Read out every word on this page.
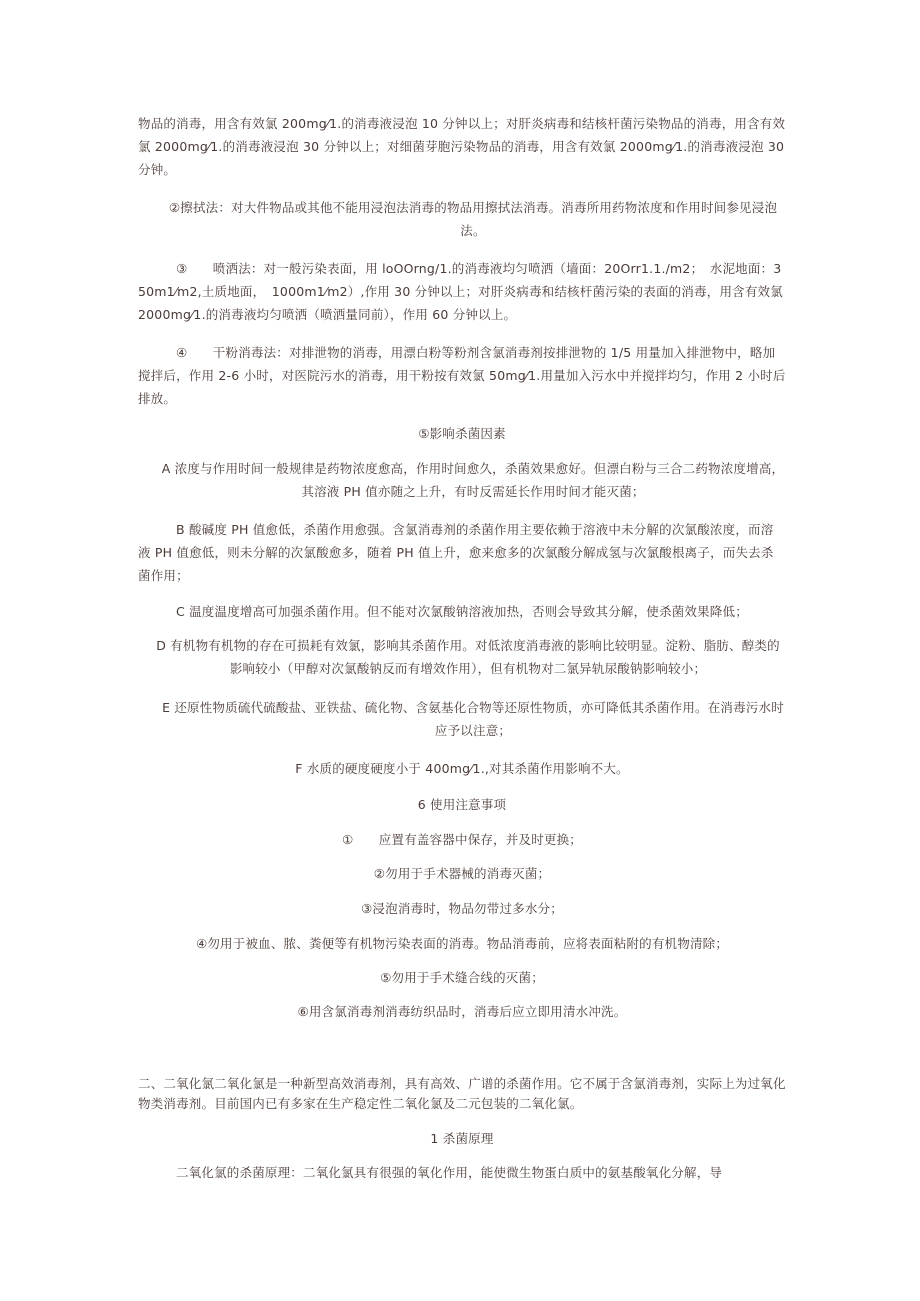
物品的消毒，用含有效氯 200mg⁄1.的消毒液浸泡 10 分钟以上；对肝炎病毒和结核杆菌污染物品的消毒，用含有效氯 2000mg⁄1.的消毒液浸泡 30 分钟以上；对细菌芽胞污染物品的消毒，用含有效氯 2000mg⁄1.的消毒液浸泡 30 分钟。

②擦拭法：对大件物品或其他不能用浸泡法消毒的物品用擦拭法消毒。消毒所用药物浓度和作用时间参见浸泡法。

③　　喷洒法：对一般污染表面，用 loOOrng/1.的消毒液均匀喷洒（墙面：20Orr1.1./m2；　水泥地面：350m1⁄m2,土质地面，　1000m1⁄m2）,作用 30 分钟以上；对肝炎病毒和结核杆菌污染的表面的消毒，用含有效氯 2000mg⁄1.的消毒液均匀喷洒（喷洒量同前），作用 60 分钟以上。

④　　干粉消毒法：对排泄物的消毒，用漂白粉等粉剂含氯消毒剂按排泄物的 1/5 用量加入排泄物中，略加搅拌后，作用 2-6 小时，对医院污水的消毒，用干粉按有效氯 50mg⁄1.用量加入污水中并搅拌均匀，作用 2 小时后排放。

⑤影响杀菌因素

A 浓度与作用时间一般规律是药物浓度愈高，作用时间愈久，杀菌效果愈好。但漂白粉与三合二药物浓度增高，其溶液 PH 值亦随之上升，有时反需延长作用时间才能灭菌；

B 酸碱度 PH 值愈低，杀菌作用愈强。含氯消毒剂的杀菌作用主要依赖于溶液中未分解的次氯酸浓度，而溶液 PH 值愈低，则未分解的次氯酸愈多，随着 PH 值上升，愈来愈多的次氯酸分解成氢与次氯酸根离子，而失去杀菌作用；

C 温度温度增高可加强杀菌作用。但不能对次氯酸钠溶液加热，否则会导致其分解，使杀菌效果降低；

D 有机物有机物的存在可损耗有效氯，影响其杀菌作用。对低浓度消毒液的影响比较明显。淀粉、脂肪、醇类的影响较小（甲醇对次氯酸钠反而有增效作用），但有机物对二氯异轨尿酸钠影响较小；

E 还原性物质硫代硫酸盐、亚铁盐、硫化物、含氨基化合物等还原性物质，亦可降低其杀菌作用。在消毒污水时应予以注意；

F 水质的硬度硬度小于 400mg⁄1.,对其杀菌作用影响不大。

6 使用注意事项

①　　应置有盖容器中保存，并及时更换；

②勿用于手术器械的消毒灭菌；

③浸泡消毒时，物品勿带过多水分；

④勿用于被血、脓、粪便等有机物污染表面的消毒。物品消毒前，应将表面粘附的有机物清除；

⑤勿用于手术缝合线的灭菌；

⑥用含氯消毒剂消毒纺织品时，消毒后应立即用清水冲洗。

二、二氧化氯二氧化氯是一种新型高效消毒剂，具有高效、广谱的杀菌作用。它不属于含氯消毒剂，实际上为过氧化物类消毒剂。目前国内已有多家在生产稳定性二氧化氯及二元包装的二氧化氯。

1 杀菌原理

二氧化氯的杀菌原理：二氧化氯具有很强的氧化作用，能使微生物蛋白质中的氨基酸氧化分解，导
